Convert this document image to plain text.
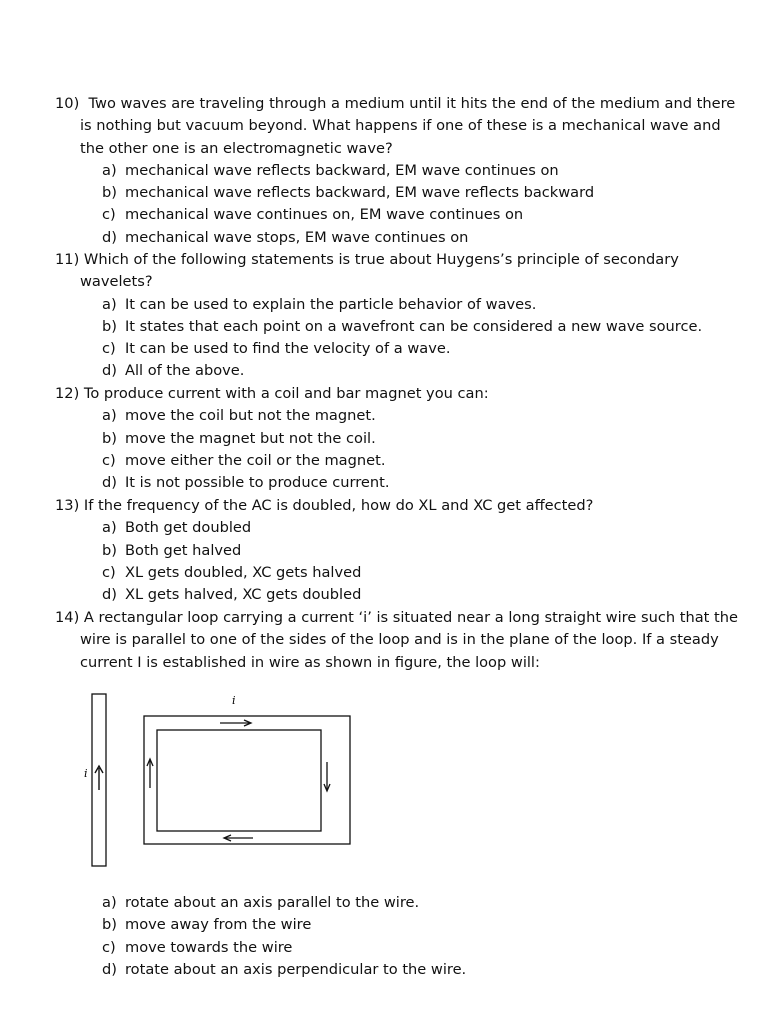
10) Two waves are traveling through a medium until it hits the end of the medium and there
is nothing but vacuum beyond. What happens if one of these is a mechanical wave and
the other one is an electromagnetic wave?
a) mechanical wave reflects backward, EM wave continues on
b) mechanical wave reflects backward, EM wave reflects backward
c) mechanical wave continues on, EM wave continues on
d) mechanical wave stops, EM wave continues on
11) Which of the following statements is true about Huygens’s principle of secondary
wavelets?
a) It can be used to explain the particle behavior of waves.
b) It states that each point on a wavefront can be considered a new wave source.
c) It can be used to find the velocity of a wave.
d) All of the above.
12) To produce current with a coil and bar magnet you can:
a) move the coil but not the magnet.
b) move the magnet but not the coil.
c) move either the coil or the magnet.
d) It is not possible to produce current.
13) If the frequency of the AC is doubled, how do XL and XC get affected?
a) Both get doubled
b) Both get halved
c) XL gets doubled, XC gets halved
d) XL gets halved, XC gets doubled
14) A rectangular loop carrying a current ‘i’ is situated near a long straight wire such that the
wire is parallel to one of the sides of the loop and is in the plane of the loop. If a steady
current I is established in wire as shown in figure, the loop will:
i
i
a) rotate about an axis parallel to the wire.
b) move away from the wire
c) move towards the wire
d) rotate about an axis perpendicular to the wire.
